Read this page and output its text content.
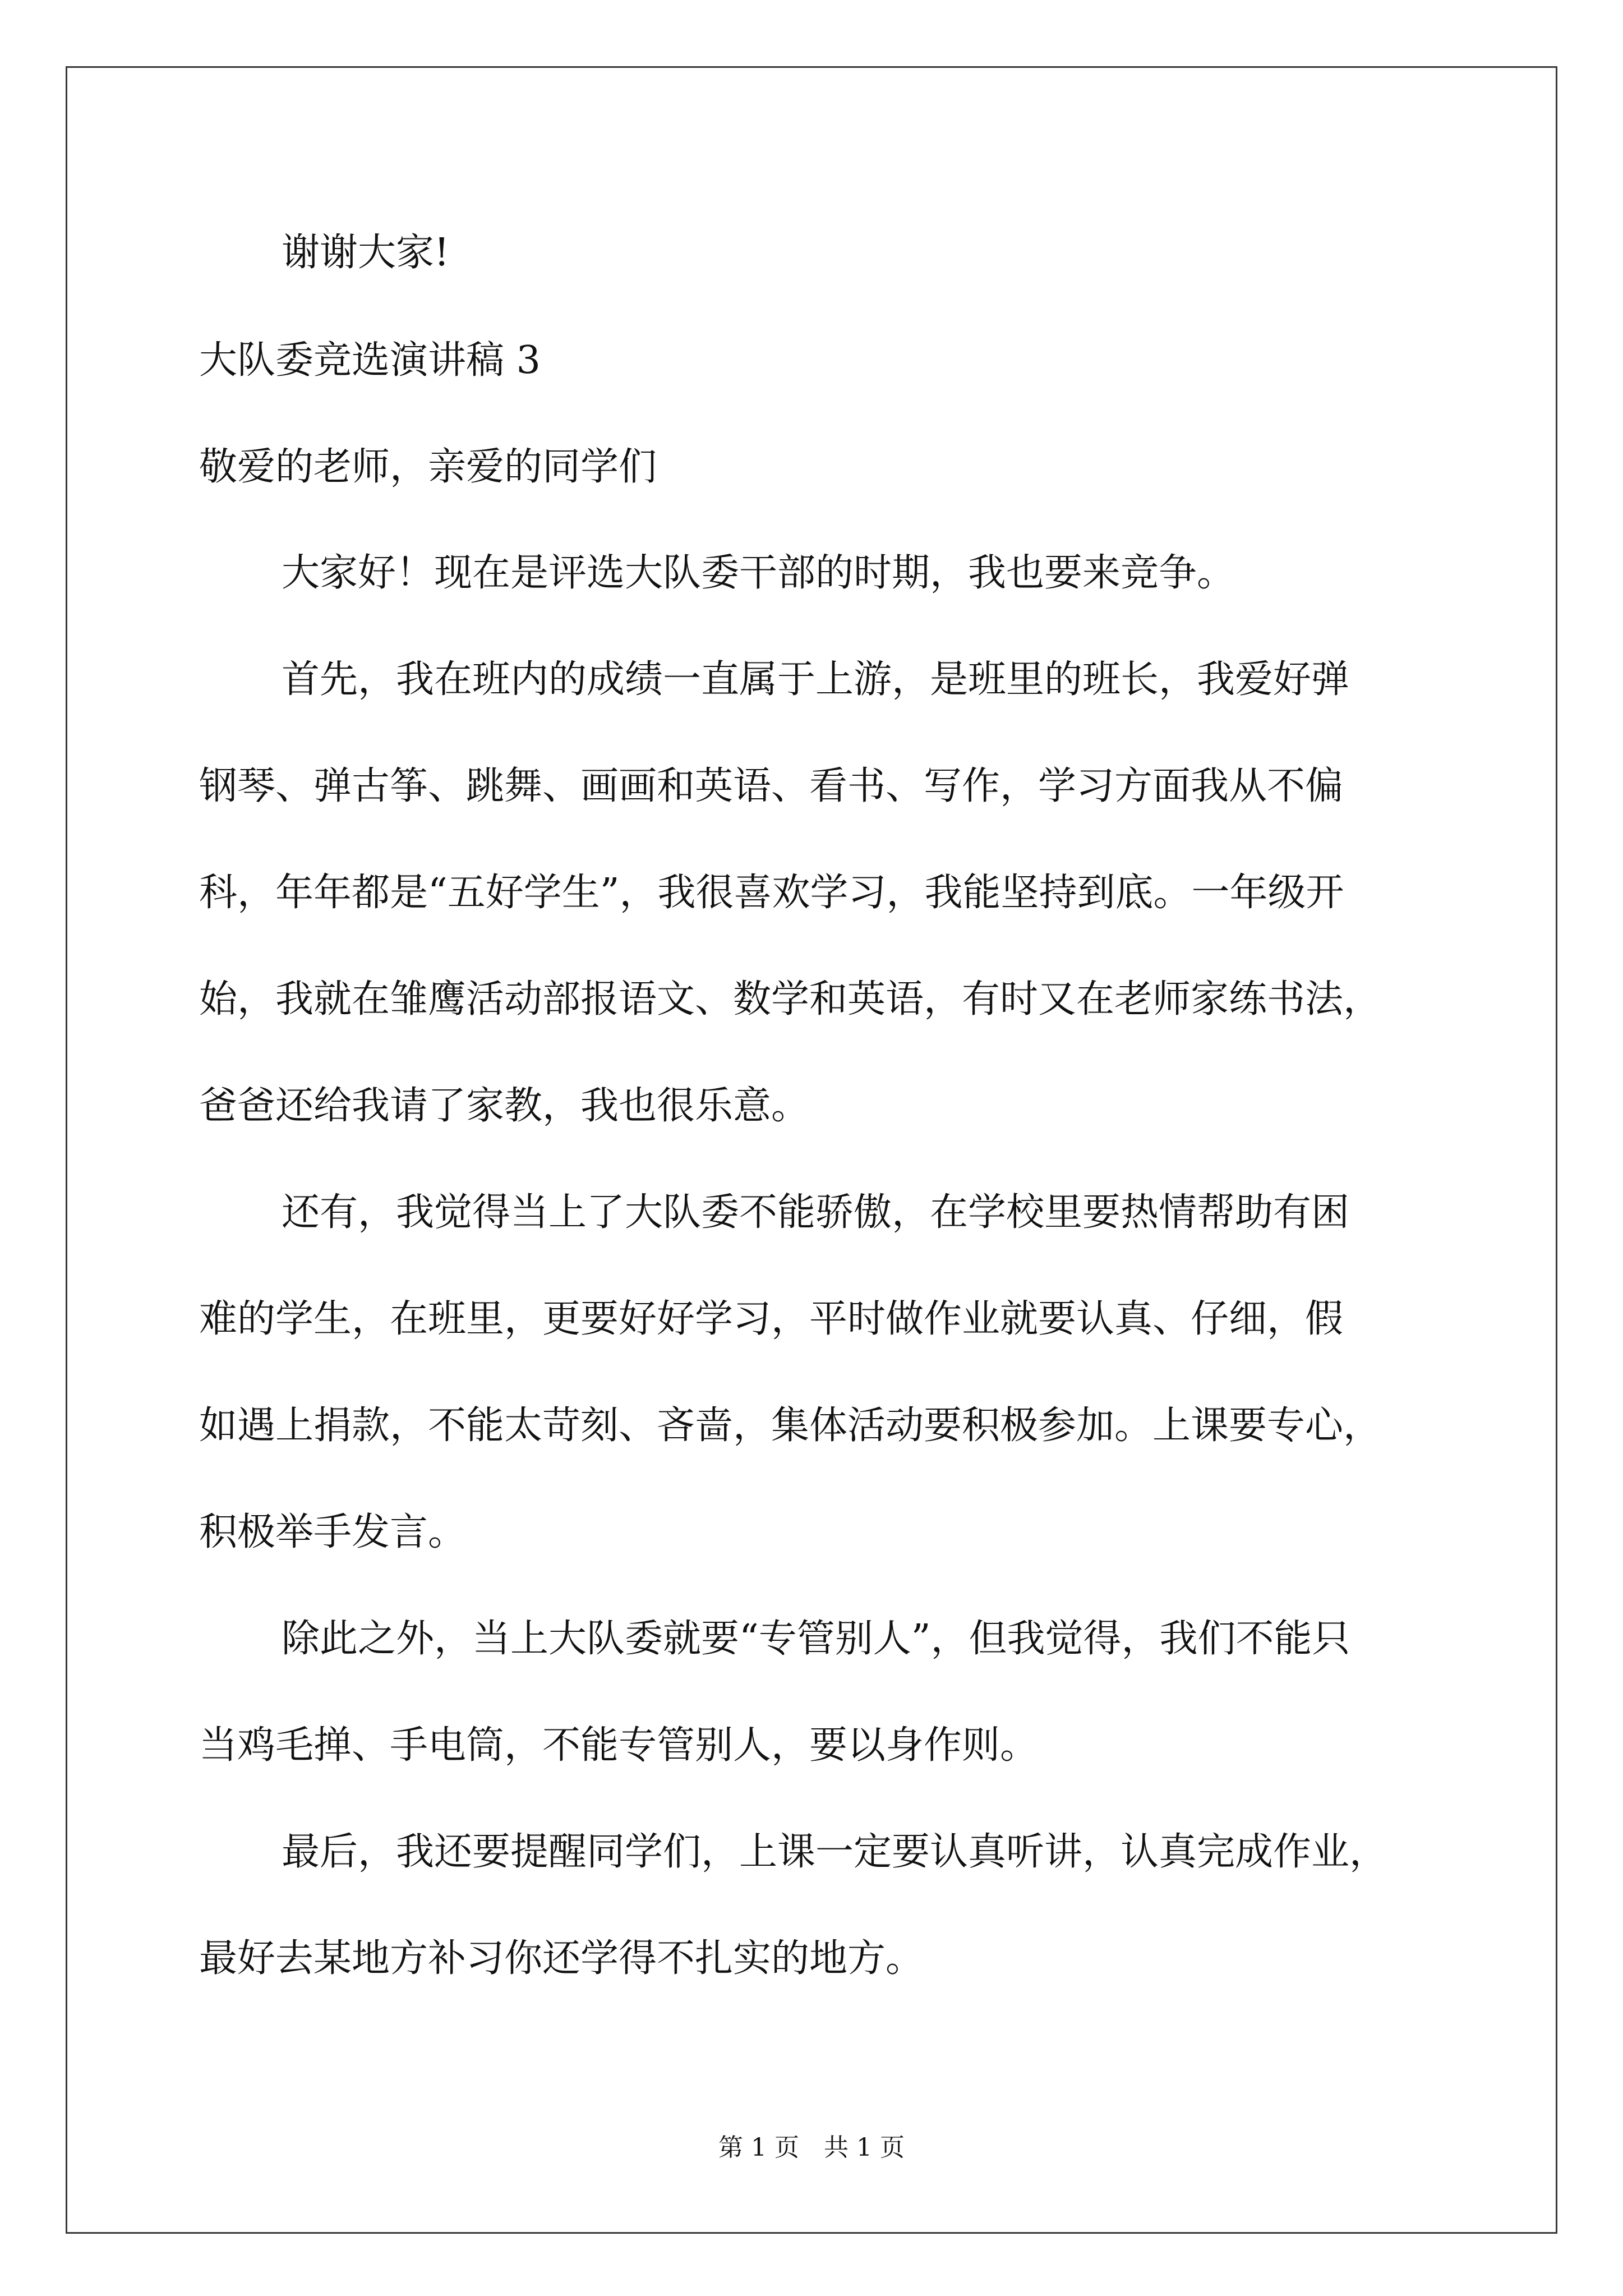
谢谢大家!
大队委竞选演讲稿 3
敬爱的老师，亲爱的同学们
大家好！现在是评选大队委干部的时期，我也要来竞争。
首先，我在班内的成绩一直属于上游，是班里的班长，我爱好弹
钢琴、弹古筝、跳舞、画画和英语、看书、写作，学习方面我从不偏
科，年年都是“五好学生”，我很喜欢学习，我能坚持到底。一年级开
始，我就在雏鹰活动部报语文、数学和英语，有时又在老师家练书法，
爸爸还给我请了家教，我也很乐意。
还有，我觉得当上了大队委不能骄傲，在学校里要热情帮助有困
难的学生，在班里，更要好好学习，平时做作业就要认真、仔细，假
如遇上捐款，不能太苛刻、吝啬，集体活动要积极参加。上课要专心，
积极举手发言。
除此之外，当上大队委就要“专管别人”，但我觉得，我们不能只
当鸡毛掸、手电筒，不能专管别人，要以身作则。
最后，我还要提醒同学们，上课一定要认真听讲，认真完成作业，
最好去某地方补习你还学得不扎实的地方。
第 1 页　共 1 页
